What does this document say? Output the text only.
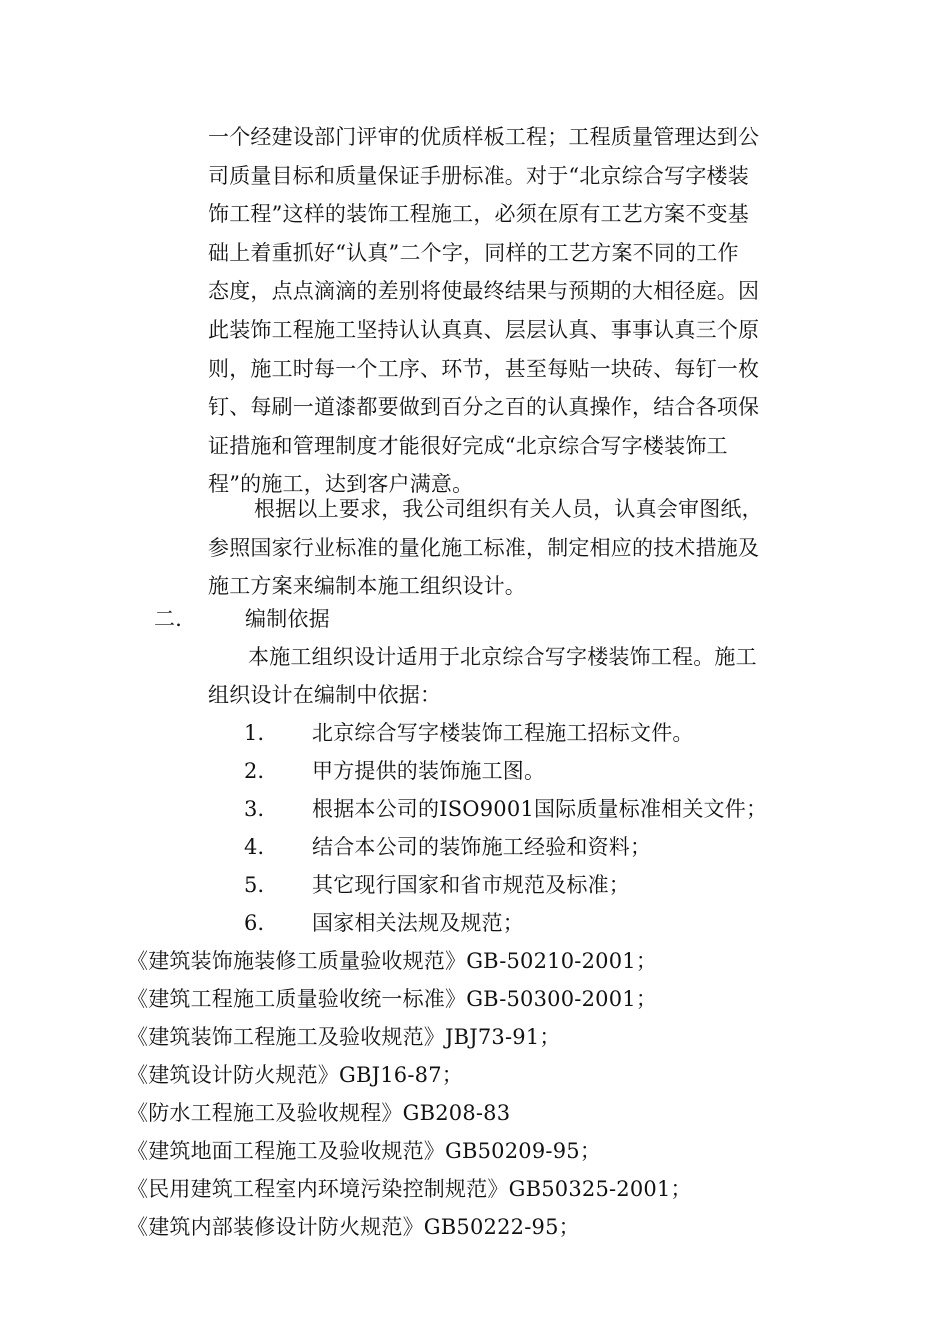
一个经建设部门评审的优质样板工程；工程质量管理达到公
司质量目标和质量保证手册标准。对于“北京综合写字楼装
饰工程”这样的装饰工程施工，必须在原有工艺方案不变基
础上着重抓好“认真”二个字，同样的工艺方案不同的工作
态度，点点滴滴的差别将使最终结果与预期的大相径庭。因
此装饰工程施工坚持认认真真、层层认真、事事认真三个原
则，施工时每一个工序、环节，甚至每贴一块砖、每钉一枚
钉、每刷一道漆都要做到百分之百的认真操作，结合各项保
证措施和管理制度才能很好完成“北京综合写字楼装饰工
程”的施工，达到客户满意。
根据以上要求，我公司组织有关人员，认真会审图纸，
参照国家行业标准的量化施工标准，制定相应的技术措施及
施工方案来编制本施工组织设计。
二． 编制依据
本施工组织设计适用于北京综合写字楼装饰工程。施工
组织设计在编制中依据：
1． 北京综合写字楼装饰工程施工招标文件。
2． 甲方提供的装饰施工图。
3． 根据本公司的ISO9001国际质量标准相关文件；
4． 结合本公司的装饰施工经验和资料；
5． 其它现行国家和省市规范及标准；
6． 国家相关法规及规范；
《建筑装饰施装修工质量验收规范》GB-50210-2001；
《建筑工程施工质量验收统一标准》GB-50300-2001；
《建筑装饰工程施工及验收规范》JBJ73-91；
《建筑设计防火规范》GBJ16-87；
《防水工程施工及验收规程》GB208-83
《建筑地面工程施工及验收规范》GB50209-95；
《民用建筑工程室内环境污染控制规范》GB50325-2001；
《建筑内部装修设计防火规范》GB50222-95；
